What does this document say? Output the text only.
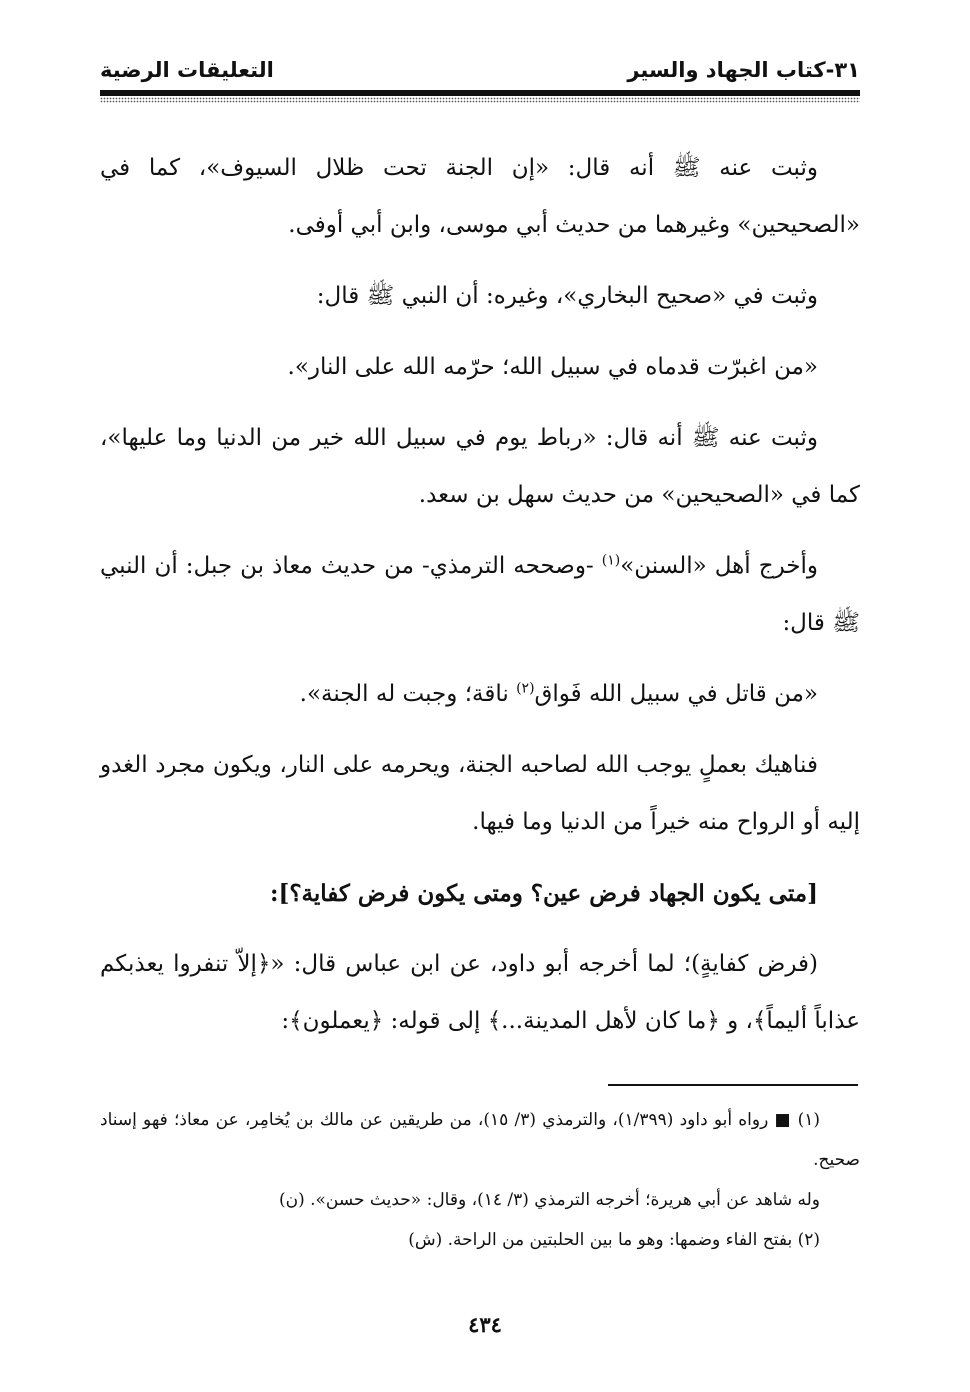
٣١-كتاب الجهاد والسير
التعليقات الرضية

وثبت عنه ﷺ أنه قال: «إن الجنة تحت ظلال السيوف»، كما في «الصحيحين» وغيرهما من حديث أبي موسى، وابن أبي أوفى.

وثبت في «صحيح البخاري»، وغيره: أن النبي ﷺ قال:

«من اغبرّت قدماه في سبيل الله؛ حرّمه الله على النار».

وثبت عنه ﷺ أنه قال: «رباط يوم في سبيل الله خير من الدنيا وما عليها»، كما في «الصحيحين» من حديث سهل بن سعد.

وأخرج أهل «السنن»$^{(١)}$ -وصححه الترمذي- من حديث معاذ بن جبل: أن النبي ﷺ قال:

«من قاتل في سبيل الله فَواق$^{(٢)}$ ناقة؛ وجبت له الجنة».

فناهيك بعملٍ يوجب الله لصاحبه الجنة، ويحرمه على النار، ويكون مجرد الغدو إليه أو الرواح منه خيراً من الدنيا وما فيها.

[متى يكون الجهاد فرض عين؟ ومتى يكون فرض كفاية؟]:

(فرض كفايةٍ)؛ لما أخرجه أبو داود، عن ابن عباس قال: «﴿إلاّ تنفروا يعذبكم عذاباً أليماً﴾، و ﴿ما كان لأهل المدينة...﴾ إلى قوله: ﴿يعملون﴾:

(١) ■ رواه أبو داود (١/٣٩٩)، والترمذي (٣/ ١٥)، من طريقين عن مالك بن يُخامِر، عن معاذ؛ فهو إسناد صحيح.

وله شاهد عن أبي هريرة؛ أخرجه الترمذي (٣/ ١٤)، وقال: «حديث حسن». (ن)

(٢) بفتح الفاء وضمها: وهو ما بين الحلبتين من الراحة. (ش)

٤٣٤
